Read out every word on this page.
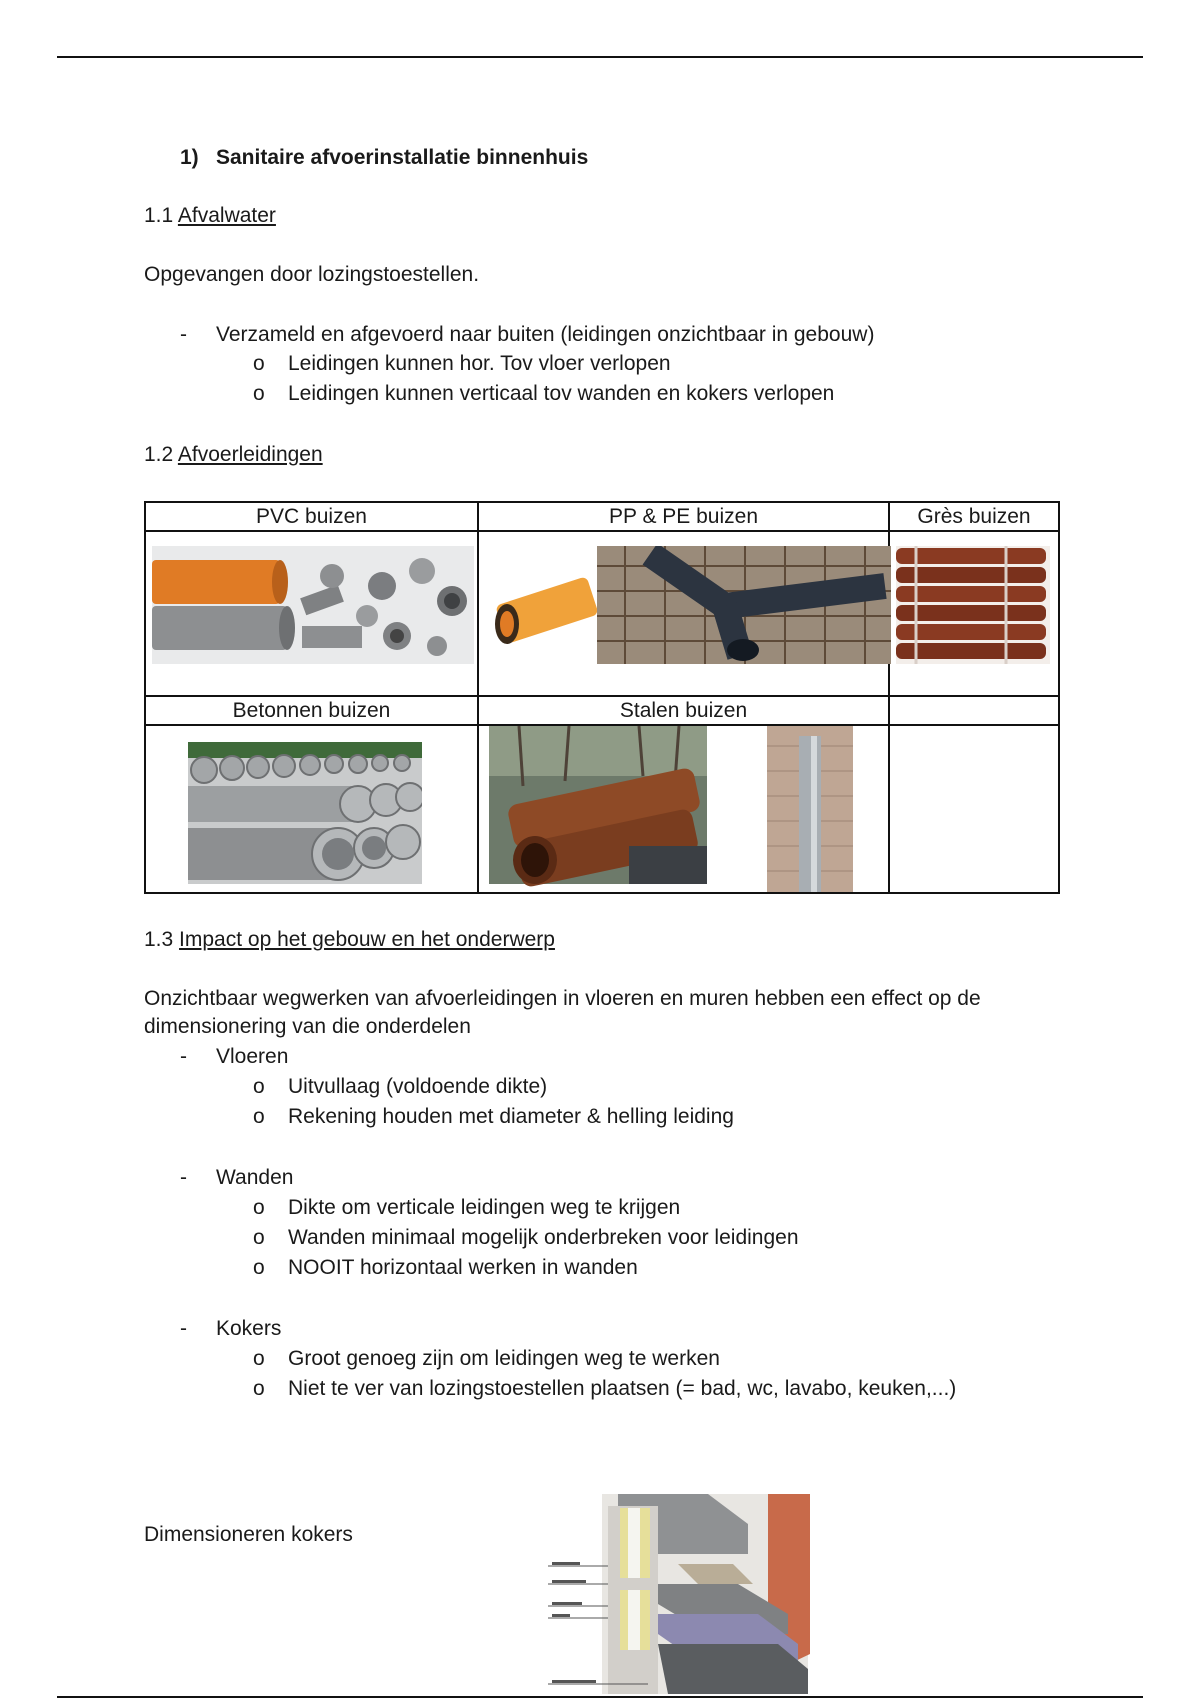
1) Sanitaire afvoerinstallatie binnenhuis
1.1 Afvalwater
Opgevangen door lozingstoestellen.
- Verzameld en afgevoerd naar buiten (leidingen onzichtbaar in gebouw)
o Leidingen kunnen hor. Tov vloer verlopen
o Leidingen kunnen verticaal tov wanden en kokers verlopen
1.2 Afvoerleidingen
PVC buizen	PP & PE buizen	Grès buizen

Betonnen buizen	Stalen buizen	

1.3 Impact op het gebouw en het onderwerp
Onzichtbaar wegwerken van afvoerleidingen in vloeren en muren hebben een effect op de
dimensionering van die onderdelen
- Vloeren
o Uitvullaag (voldoende dikte)
o Rekening houden met diameter & helling leiding
- Wanden
o Dikte om verticale leidingen weg te krijgen
o Wanden minimaal mogelijk onderbreken voor leidingen
o NOOIT horizontaal werken in wanden
- Kokers
o Groot genoeg zijn om leidingen weg te werken
o Niet te ver van lozingstoestellen plaatsen (= bad, wc, lavabo, keuken,...)
Dimensioneren kokers
